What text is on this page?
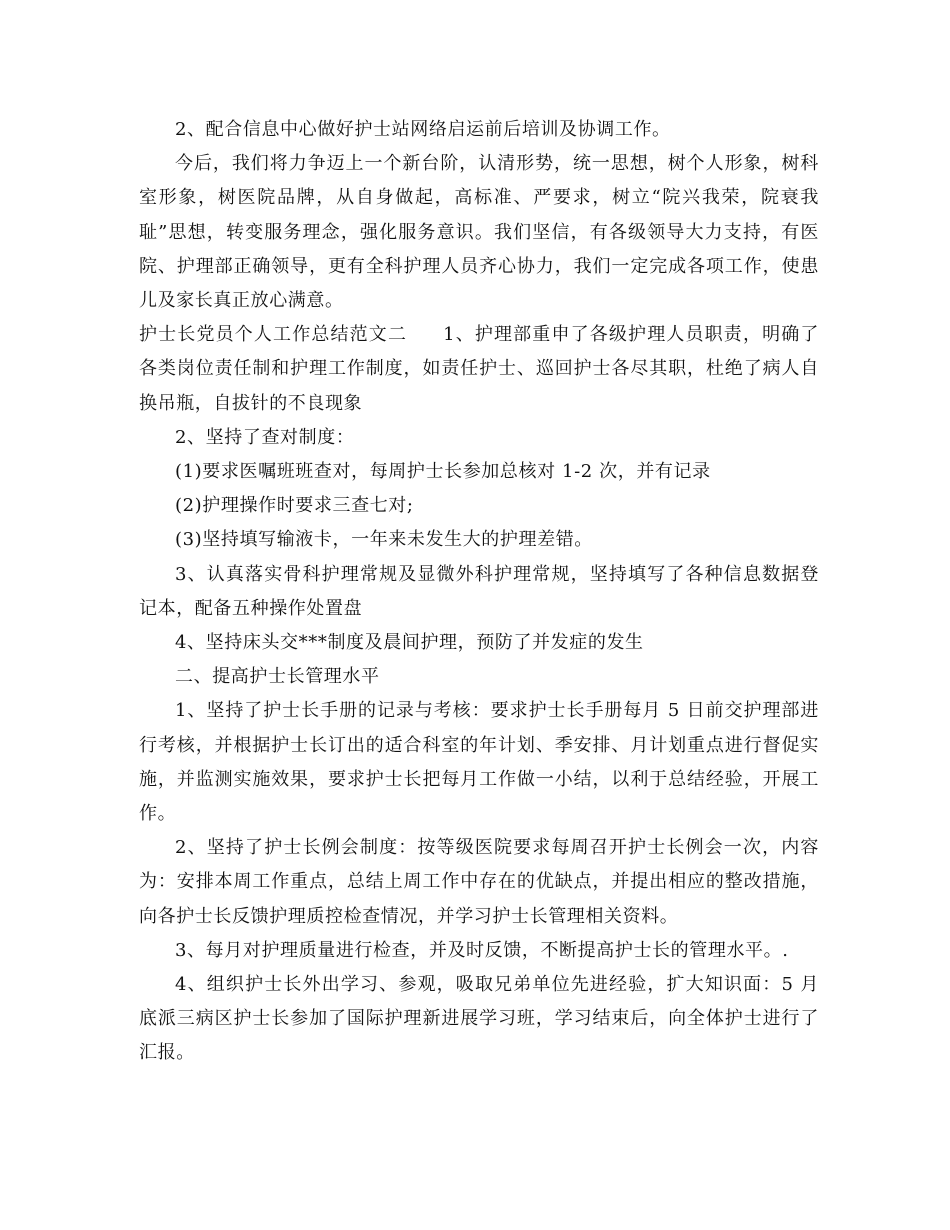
2、配合信息中心做好护士站网络启运前后培训及协调工作。

今后，我们将力争迈上一个新台阶，认清形势，统一思想，树个人形象，树科室形象，树医院品牌，从自身做起，高标准、严要求，树立“院兴我荣，院衰我耻”思想，转变服务理念，强化服务意识。我们坚信，有各级领导大力支持，有医院、护理部正确领导，更有全科护理人员齐心协力，我们一定完成各项工作，使患儿及家长真正放心满意。

护士长党员个人工作总结范文二 1、护理部重申了各级护理人员职责，明确了各类岗位责任制和护理工作制度，如责任护士、巡回护士各尽其职，杜绝了病人自换吊瓶，自拔针的不良现象

2、坚持了查对制度：

(1)要求医嘱班班查对，每周护士长参加总核对 1-2 次，并有记录

(2)护理操作时要求三查七对;

(3)坚持填写输液卡，一年来未发生大的护理差错。

3、认真落实骨科护理常规及显微外科护理常规，坚持填写了各种信息数据登记本，配备五种操作处置盘

4、坚持床头交***制度及晨间护理，预防了并发症的发生

二、提高护士长管理水平

1、坚持了护士长手册的记录与考核：要求护士长手册每月 5 日前交护理部进行考核，并根据护士长订出的适合科室的年计划、季安排、月计划重点进行督促实施，并监测实施效果，要求护士长把每月工作做一小结，以利于总结经验，开展工作。

2、坚持了护士长例会制度：按等级医院要求每周召开护士长例会一次，内容为：安排本周工作重点，总结上周工作中存在的优缺点，并提出相应的整改措施，向各护士长反馈护理质控检查情况，并学习护士长管理相关资料。

3、每月对护理质量进行检查，并及时反馈，不断提高护士长的管理水平。.

4、组织护士长外出学习、参观，吸取兄弟单位先进经验，扩大知识面：5 月底派三病区护士长参加了国际护理新进展学习班，学习结束后，向全体护士进行了汇报。
